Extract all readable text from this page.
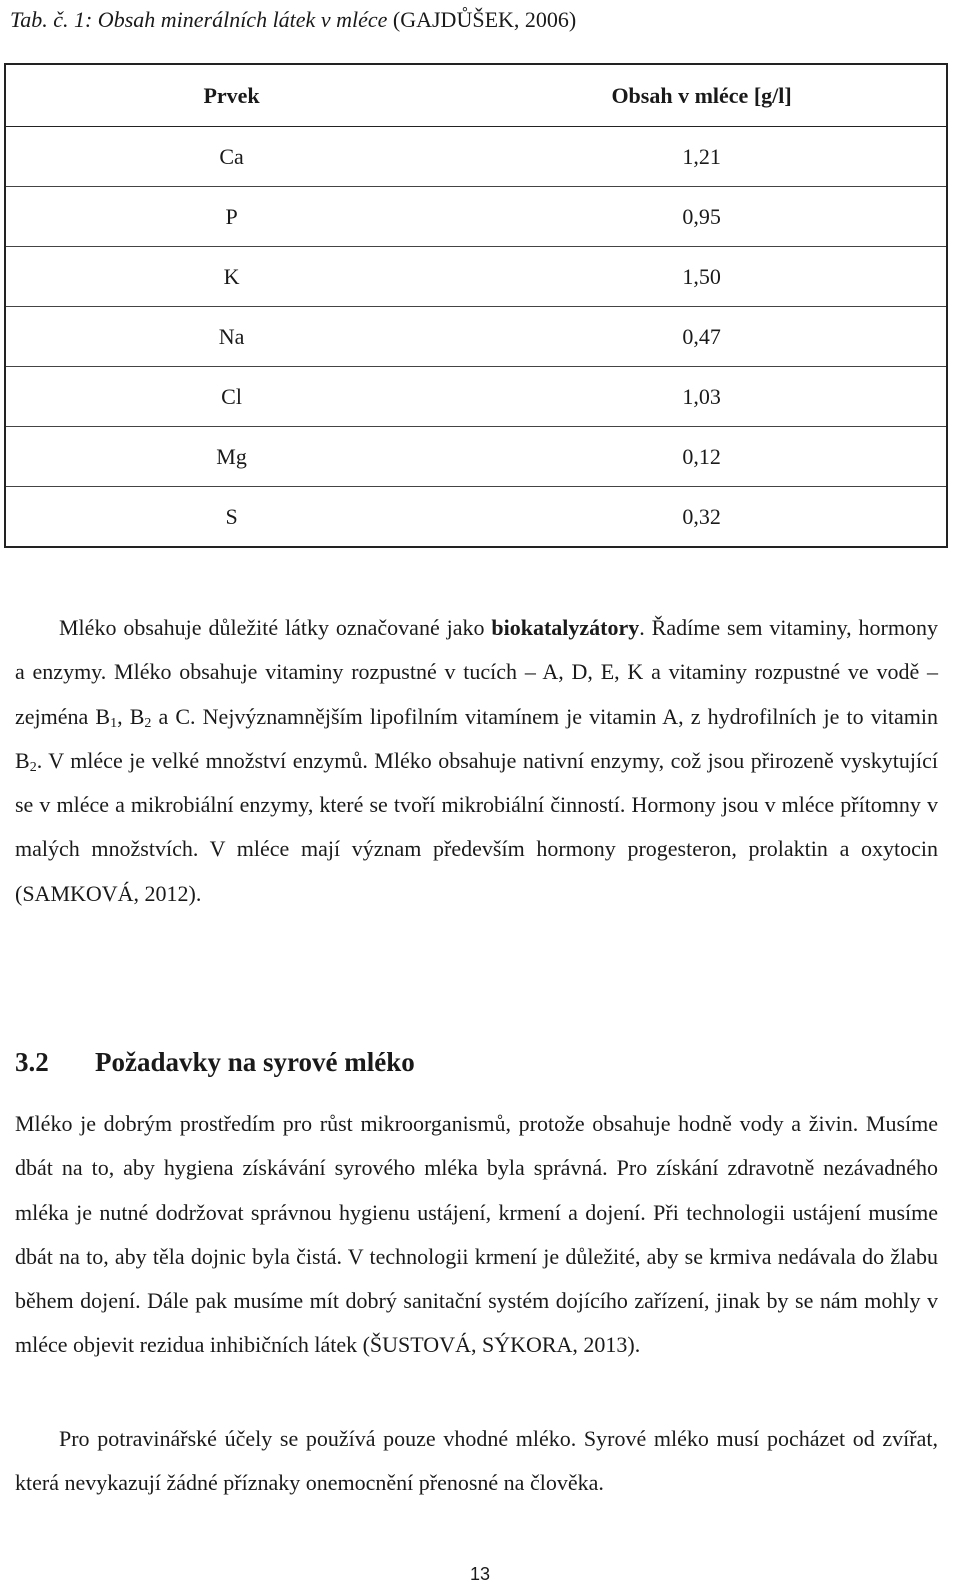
Tab. č. 1: Obsah minerálních látek v mléce (GAJDŮŠEK, 2006)
Prvek	Obsah v mléce [g/l]
Ca	1,21
P	0,95
K	1,50
Na	0,47
Cl	1,03
Mg	0,12
S	0,32

Mléko obsahuje důležité látky označované jako biokatalyzátory. Řadíme sem vitaminy, hormony a enzymy. Mléko obsahuje vitaminy rozpustné v tucích – A, D, E, K a vitaminy rozpustné ve vodě – zejména $B_1$, $B_2$ a C. Nejvýznamnějším lipofilním vitamínem je vitamin A, z hydrofilních je to vitamin $B_2$. V mléce je velké množství enzymů. Mléko obsahuje nativní enzymy, což jsou přirozeně vyskytující se v mléce a mikrobiální enzymy, které se tvoří mikrobiální činností. Hormony jsou v mléce přítomny v malých množstvích. V mléce mají význam především hormony progesteron, prolaktin a oxytocin (SAMKOVÁ, 2012).

3.2 Požadavky na syrové mléko

Mléko je dobrým prostředím pro růst mikroorganismů, protože obsahuje hodně vody a živin. Musíme dbát na to, aby hygiena získávání syrového mléka byla správná. Pro získání zdravotně nezávadného mléka je nutné dodržovat správnou hygienu ustájení, krmení a dojení. Při technologii ustájení musíme dbát na to, aby těla dojnic byla čistá. V technologii krmení je důležité, aby se krmiva nedávala do žlabu během dojení. Dále pak musíme mít dobrý sanitační systém dojícího zařízení, jinak by se nám mohly v mléce objevit rezidua inhibičních látek (ŠUSTOVÁ, SÝKORA, 2013).

Pro potravinářské účely se používá pouze vhodné mléko. Syrové mléko musí pocházet od zvířat, která nevykazují žádné příznaky onemocnění přenosné na člověka.

13
